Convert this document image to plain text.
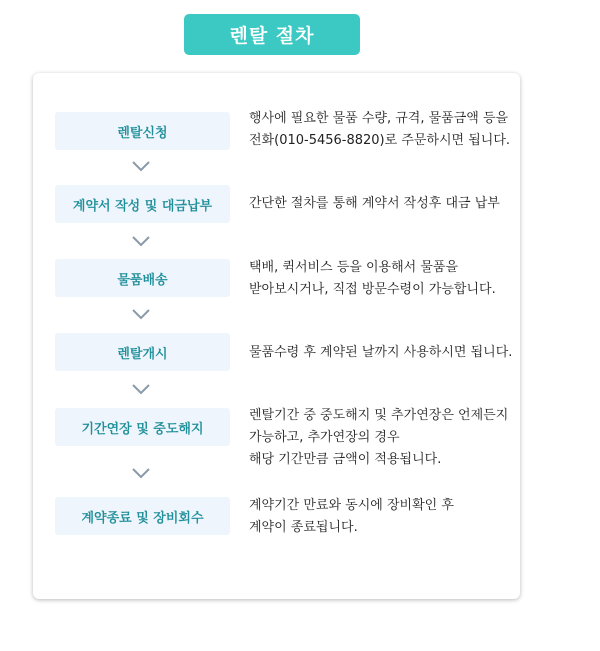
렌탈 절차
렌탈신청
행사에 필요한 물품 수량, 규격, 물품금액 등을
전화(010-5456-8820)로 주문하시면 됩니다.
계약서 작성 및 대금납부	간단한 절차를 통해 계약서 작성후 대금 납부
물품배송
택배, 퀵서비스 등을 이용해서 물품을
받아보시거나, 직접 방문수령이 가능합니다.
렌탈개시	물품수령 후 계약된 날까지 사용하시면 됩니다.
기간연장 및 중도해지
렌탈기간 중 중도해지 및 추가연장은 언제든지
가능하고, 추가연장의 경우
해당 기간만큼 금액이 적용됩니다.
계약종료 및 장비회수
계약기간 만료와 동시에 장비확인 후
계약이 종료됩니다.
